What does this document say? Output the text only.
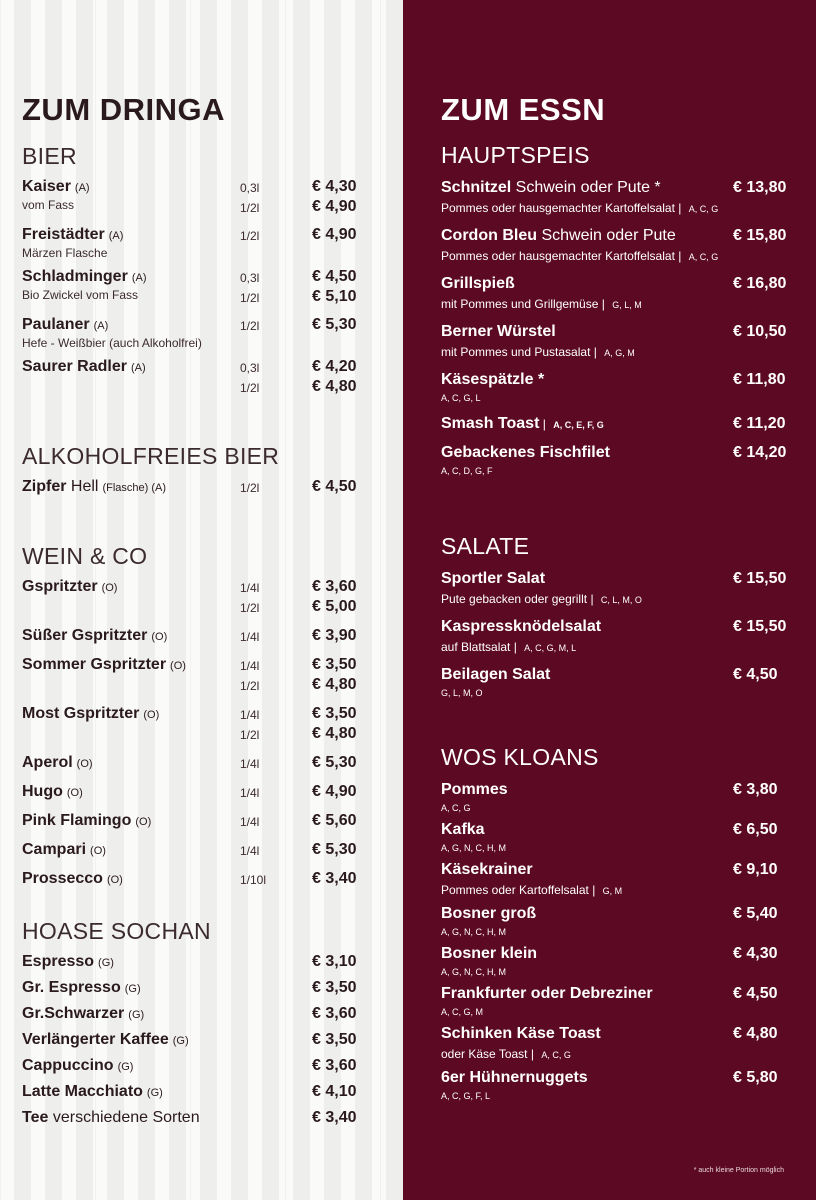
ZUM DRINGA
BIER
Kaiser (A)	0,3l	€ 4,30
vom Fass	1/2l	€ 4,90
Freistädter (A)	1/2l	€ 4,90
Märzen Flasche
Schladminger (A)	0,3l	€ 4,50
Bio Zwickel vom Fass	1/2l	€ 5,10
Paulaner (A)	1/2l	€ 5,30
Hefe - Weißbier (auch Alkoholfrei)
Saurer Radler (A)	0,3l	€ 4,20
1/2l	€ 4,80
ALKOHOLFREIES BIER
Zipfer Hell (Flasche) (A)	1/2l	€ 4,50
WEIN & CO
Gspritzter (O)	1/4l	€ 3,60
1/2l	€ 5,00
Süßer Gspritzter (O)	1/4l	€ 3,90
Sommer Gspritzter (O)	1/4l	€ 3,50
1/2l	€ 4,80
Most Gspritzter (O)	1/4l	€ 3,50
1/2l	€ 4,80
Aperol (O)	1/4l	€ 5,30
Hugo (O)	1/4l	€ 4,90
Pink Flamingo (O)	1/4l	€ 5,60
Campari (O)	1/4l	€ 5,30
Prossecco (O)	1/10l	€ 3,40
HOASE SOCHAN
Espresso (G)	€ 3,10
Gr. Espresso (G)	€ 3,50
Gr.Schwarzer (G)	€ 3,60
Verlängerter Kaffee (G)	€ 3,50
Cappuccino (G)	€ 3,60
Latte Macchiato (G)	€ 4,10
Tee verschiedene Sorten	€ 3,40
ZUM ESSN
HAUPTSPEIS
Schnitzel Schwein oder Pute *	€ 13,80
Pommes oder hausgemachter Kartoffelsalat | A, C, G
Cordon Bleu Schwein oder Pute	€ 15,80
Pommes oder hausgemachter Kartoffelsalat | A, C, G
Grillspieß	€ 16,80
mit Pommes und Grillgemüse | G, L, M
Berner Würstel	€ 10,50
mit Pommes und Pustasalat | A, G, M
Käsespätzle *	€ 11,80
A, C, G, L
Smash Toast | A, C, E, F, G	€ 11,20
Gebackenes Fischfilet	€ 14,20
A, C, D, G, F
SALATE
Sportler Salat	€ 15,50
Pute gebacken oder gegrillt | C, L, M, O
Kaspressknödelsalat	€ 15,50
auf Blattsalat | A, C, G, M, L
Beilagen Salat	€ 4,50
G, L, M, O
WOS KLOANS
Pommes	€ 3,80
A, C, G
Kafka	€ 6,50
A, G, N, C, H, M
Käsekrainer	€ 9,10
Pommes oder Kartoffelsalat | G, M
Bosner groß	€ 5,40
A, G, N, C, H, M
Bosner klein	€ 4,30
A, G, N, C, H, M
Frankfurter oder Debreziner	€ 4,50
A, C, G, M
Schinken Käse Toast	€ 4,80
oder Käse Toast | A, C, G
6er Hühnernuggets	€ 5,80
A, C, G, F, L
* auch kleine Portion möglich
